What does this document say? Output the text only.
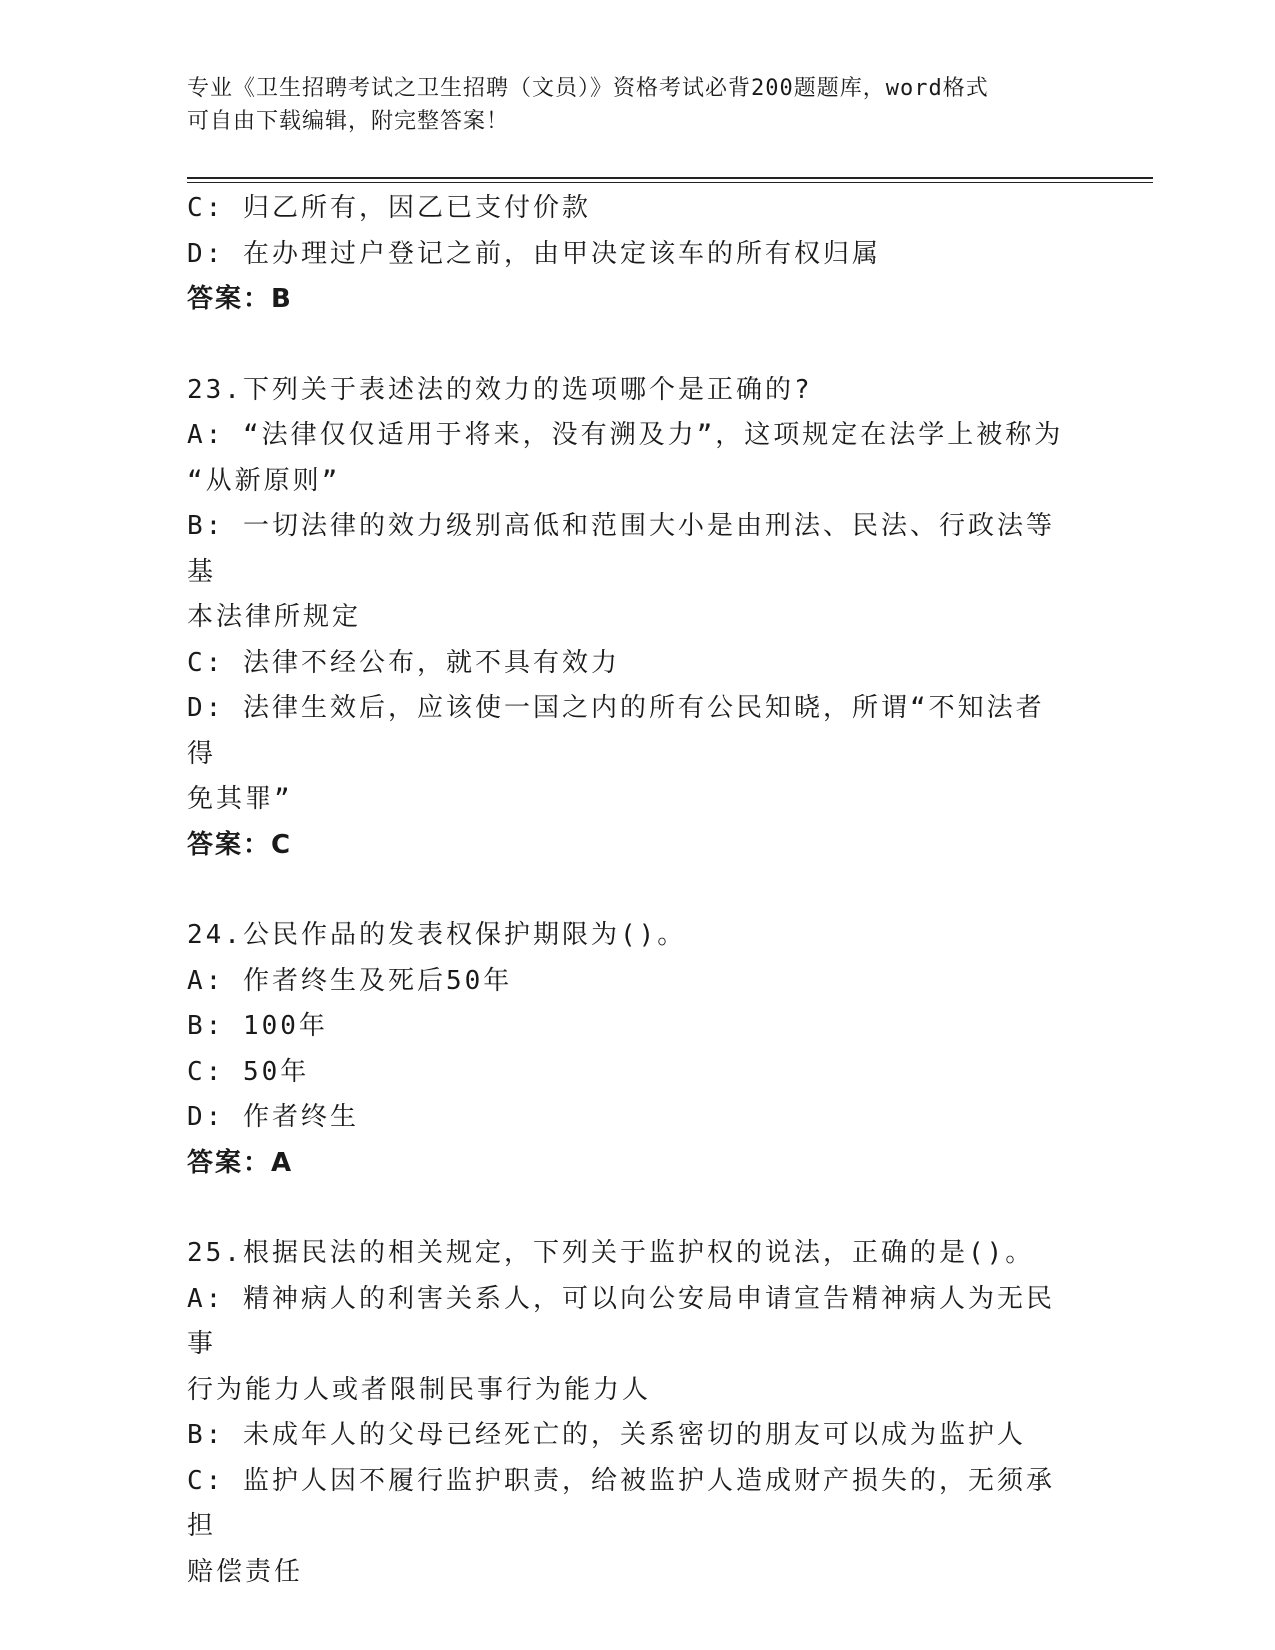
专业《卫生招聘考试之卫生招聘（文员）》资格考试必背200题题库，word格式
可自由下载编辑，附完整答案！
C: 归乙所有，因乙已支付价款
D: 在办理过户登记之前，由甲决定该车的所有权归属
答案：B
23.下列关于表述法的效力的选项哪个是正确的?
A: “法律仅仅适用于将来，没有溯及力”，这项规定在法学上被称为
“从新原则”
B: 一切法律的效力级别高低和范围大小是由刑法、民法、行政法等基
本法律所规定
C: 法律不经公布，就不具有效力
D: 法律生效后，应该使一国之内的所有公民知晓，所谓“不知法者得
免其罪”
答案：C
24.公民作品的发表权保护期限为()。
A: 作者终生及死后50年
B: 100年
C: 50年
D: 作者终生
答案：A
25.根据民法的相关规定，下列关于监护权的说法，正确的是()。
A: 精神病人的利害关系人，可以向公安局申请宣告精神病人为无民事
行为能力人或者限制民事行为能力人
B: 未成年人的父母已经死亡的，关系密切的朋友可以成为监护人
C: 监护人因不履行监护职责，给被监护人造成财产损失的，无须承担
赔偿责任
